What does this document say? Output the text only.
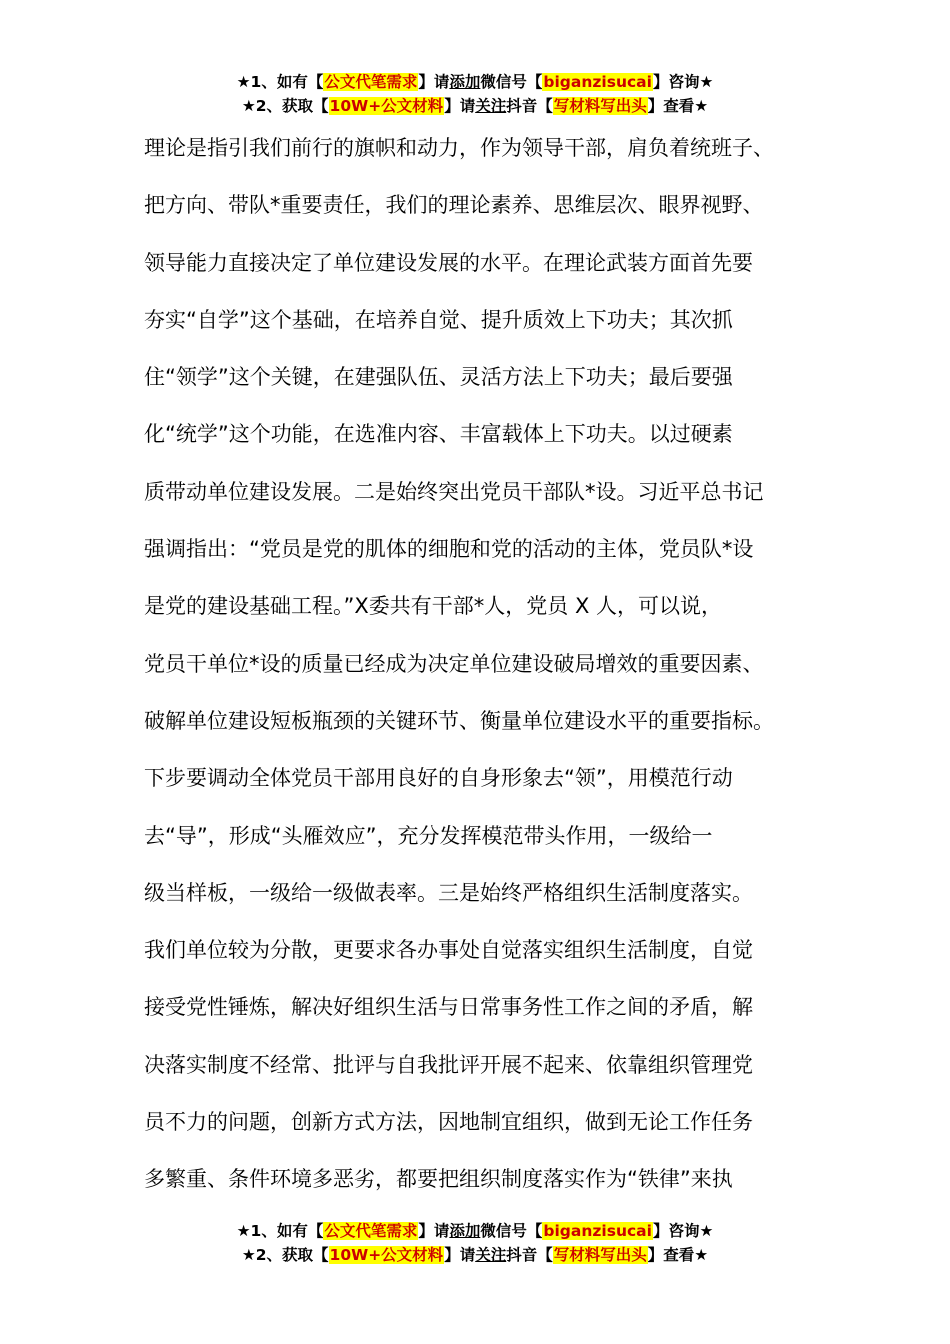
★1、如有【公文代笔需求】请添加微信号【biganzisucai】咨询★
★2、获取【10W+公文材料】请关注抖音【写材料写出头】查看★
理论是指引我们前行的旗帜和动力，作为领导干部，肩负着统班子、
把方向、带队*重要责任，我们的理论素养、思维层次、眼界视野、
领导能力直接决定了单位建设发展的水平。在理论武装方面首先要
夯实“自学”这个基础，在培养自觉、提升质效上下功夫；其次抓
住“领学”这个关键，在建强队伍、灵活方法上下功夫；最后要强
化“统学”这个功能，在选准内容、丰富载体上下功夫。以过硬素
质带动单位建设发展。二是始终突出党员干部队*设。习近平总书记
强调指出：“党员是党的肌体的细胞和党的活动的主体，党员队*设
是党的建设基础工程。”X委共有干部*人，党员 X 人，可以说，
党员干单位*设的质量已经成为决定单位建设破局增效的重要因素、
破解单位建设短板瓶颈的关键环节、衡量单位建设水平的重要指标。
下步要调动全体党员干部用良好的自身形象去“领”，用模范行动
去“导”，形成“头雁效应”，充分发挥模范带头作用，一级给一
级当样板，一级给一级做表率。三是始终严格组织生活制度落实。
我们单位较为分散，更要求各办事处自觉落实组织生活制度，自觉
接受党性锤炼，解决好组织生活与日常事务性工作之间的矛盾，解
决落实制度不经常、批评与自我批评开展不起来、依靠组织管理党
员不力的问题，创新方式方法，因地制宜组织，做到无论工作任务
多繁重、条件环境多恶劣，都要把组织制度落实作为“铁律”来执
★1、如有【公文代笔需求】请添加微信号【biganzisucai】咨询★
★2、获取【10W+公文材料】请关注抖音【写材料写出头】查看★
